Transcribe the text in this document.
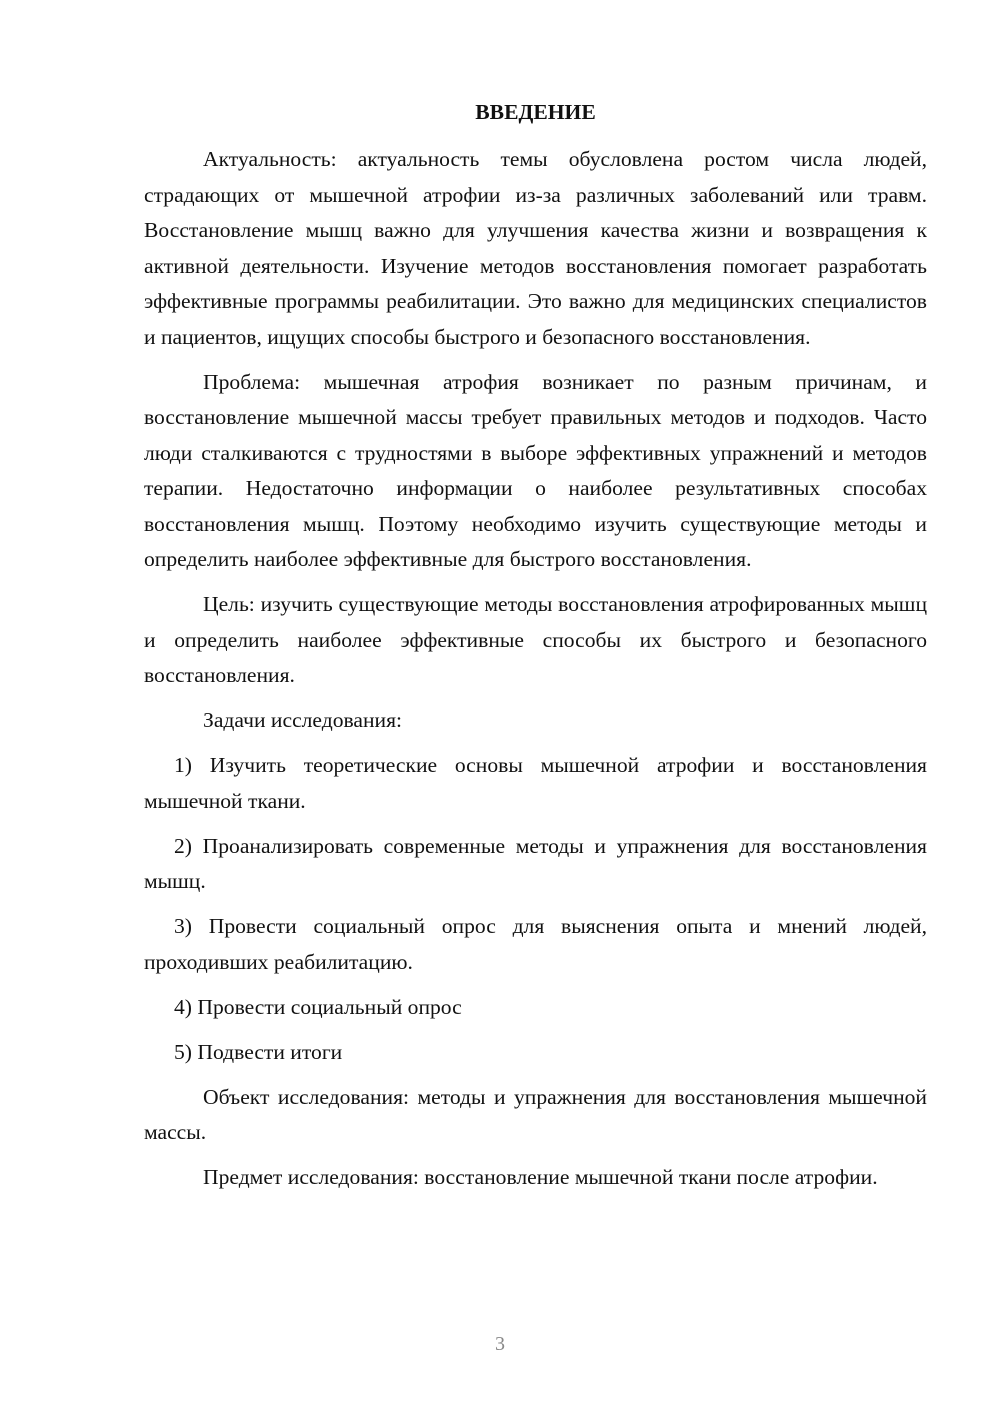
ВВЕДЕНИЕ

Актуальность: актуальность темы обусловлена ростом числа людей, страдающих от мышечной атрофии из-за различных заболеваний или травм. Восстановление мышц важно для улучшения качества жизни и возвращения к активной деятельности. Изучение методов восстановления помогает разработать эффективные программы реабилитации. Это важно для медицинских специалистов и пациентов, ищущих способы быстрого и безопасного восстановления.

Проблема: мышечная атрофия возникает по разным причинам, и восстановление мышечной массы требует правильных методов и подходов. Часто люди сталкиваются с трудностями в выборе эффективных упражнений и методов терапии. Недостаточно информации о наиболее результативных способах восстановления мышц. Поэтому необходимо изучить существующие методы и определить наиболее эффективные для быстрого восстановления.

Цель: изучить существующие методы восстановления атрофированных мышц и определить наиболее эффективные способы их быстрого и безопасного восстановления.

Задачи исследования:

1) Изучить теоретические основы мышечной атрофии и восстановления мышечной ткани.

2) Проанализировать современные методы и упражнения для восстановления мышц.

3) Провести социальный опрос для выяснения опыта и мнений людей, проходивших реабилитацию.

4) Провести социальный опрос

5) Подвести итоги

Объект исследования: методы и упражнения для восстановления мышечной массы.

Предмет исследования: восстановление мышечной ткани после атрофии.

3
